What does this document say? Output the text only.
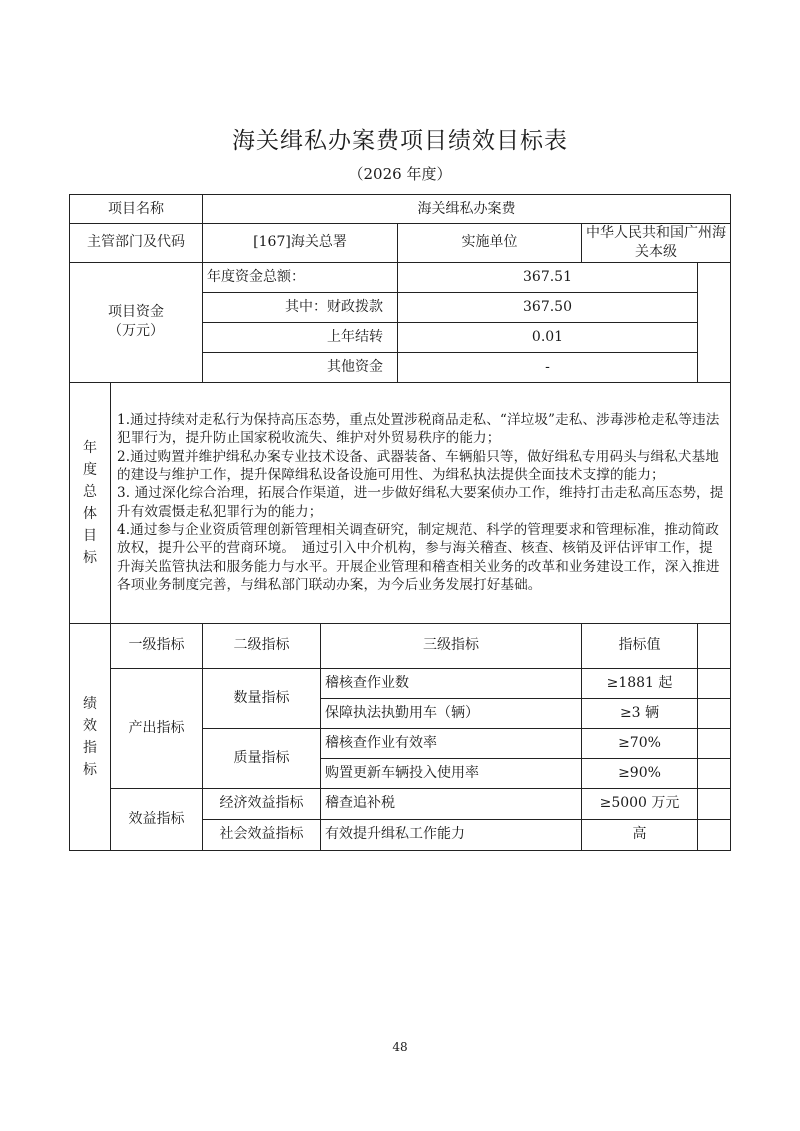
海关缉私办案费项目绩效目标表
（2026 年度）
项目名称		海关缉私办案费				
主管部门及代码		[167]海关总署		实施单位	中华人民共和国广州海关本级	

项目资金
（万元）		年度资金总额：		367.51		

		其中：财政拨款		367.50		
		上年结转		0.01		
		其他资金		-		

年度总体目标	1.通过持续对走私行为保持高压态势，重点处置涉税商品走私、“洋垃圾”走私、涉毒涉枪走私等违法犯罪行为，提升防止国家税收流失、维护对外贸易秩序的能力；

2.通过购置并维护缉私办案专业技术设备、武器装备、车辆船只等，做好缉私专用码头与缉私犬基地的建设与维护工作，提升保障缉私设备设施可用性、为缉私执法提供全面技术支撑的能力；

3. 通过深化综合治理，拓展合作渠道，进一步做好缉私大要案侦办工作，维持打击走私高压态势，提升有效震慑走私犯罪行为的能力；

4.通过参与企业资质管理创新管理相关调查研究，制定规范、科学的管理要求和管理标准，推动简政放权，提升公平的营商环境。　通过引入中介机构，参与海关稽查、核查、核销及评估评审工作，提升海关监管执法和服务能力与水平。开展企业管理和稽查相关业务的改革和业务建设工作，深入推进各项业务制度完善，与缉私部门联动办案，为今后业务发展打好基础。					

绩效指标	一级指标	二级指标	三级指标		指标值	
	产出指标	数量指标	稽核查作业数		≥1881 起	
			保障执法执勤用车（辆）		≥3 辆	
		质量指标	稽核查作业有效率		≥70%	
			购置更新车辆投入使用率		≥90%	
	效益指标	经济效益指标	稽查追补税		≥5000 万元	
		社会效益指标	有效提升缉私工作能力		高	
48
